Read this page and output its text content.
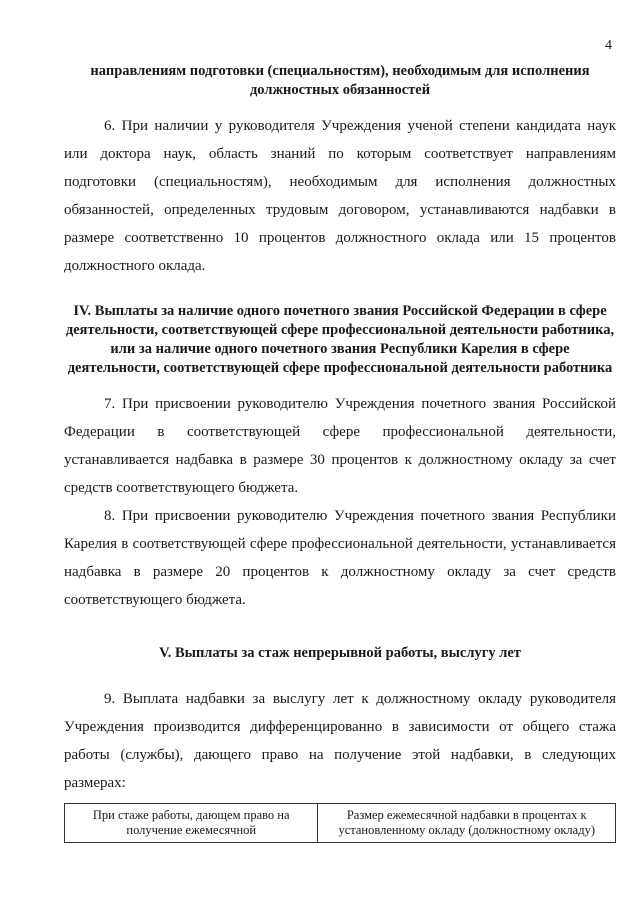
4
направлениям подготовки (специальностям), необходимым для исполнения должностных обязанностей

6. При наличии у руководителя Учреждения ученой степени кандидата наук или доктора наук, область знаний по которым соответствует направлениям подготовки (специальностям), необходимым для исполнения должностных обязанностей, определенных трудовым договором, устанавливаются надбавки в размере соответственно 10 процентов должностного оклада или 15 процентов должностного оклада.

IV. Выплаты за наличие одного почетного звания Российской Федерации в сфере деятельности, соответствующей сфере профессиональной деятельности работника, или за наличие одного почетного звания Республики Карелия в сфере деятельности, соответствующей сфере профессиональной деятельности работника

7. При присвоении руководителю Учреждения почетного звания Российской Федерации в соответствующей сфере профессиональной деятельности, устанавливается надбавка в размере 30 процентов к должностному окладу за счет средств соответствующего бюджета.

8. При присвоении руководителю Учреждения почетного звания Республики Карелия в соответствующей сфере профессиональной деятельности, устанавливается надбавка в размере 20 процентов к должностному окладу за счет средств соответствующего бюджета.

V. Выплаты за стаж непрерывной работы, выслугу лет

9. Выплата надбавки за выслугу лет к должностному окладу руководителя Учреждения производится дифференцированно в зависимости от общего стажа работы (службы), дающего право на получение этой надбавки, в следующих размерах:

При стаже работы, дающем право на получение ежемесячной	Размер ежемесячной надбавки в процентах к установленному окладу (должностному окладу)
